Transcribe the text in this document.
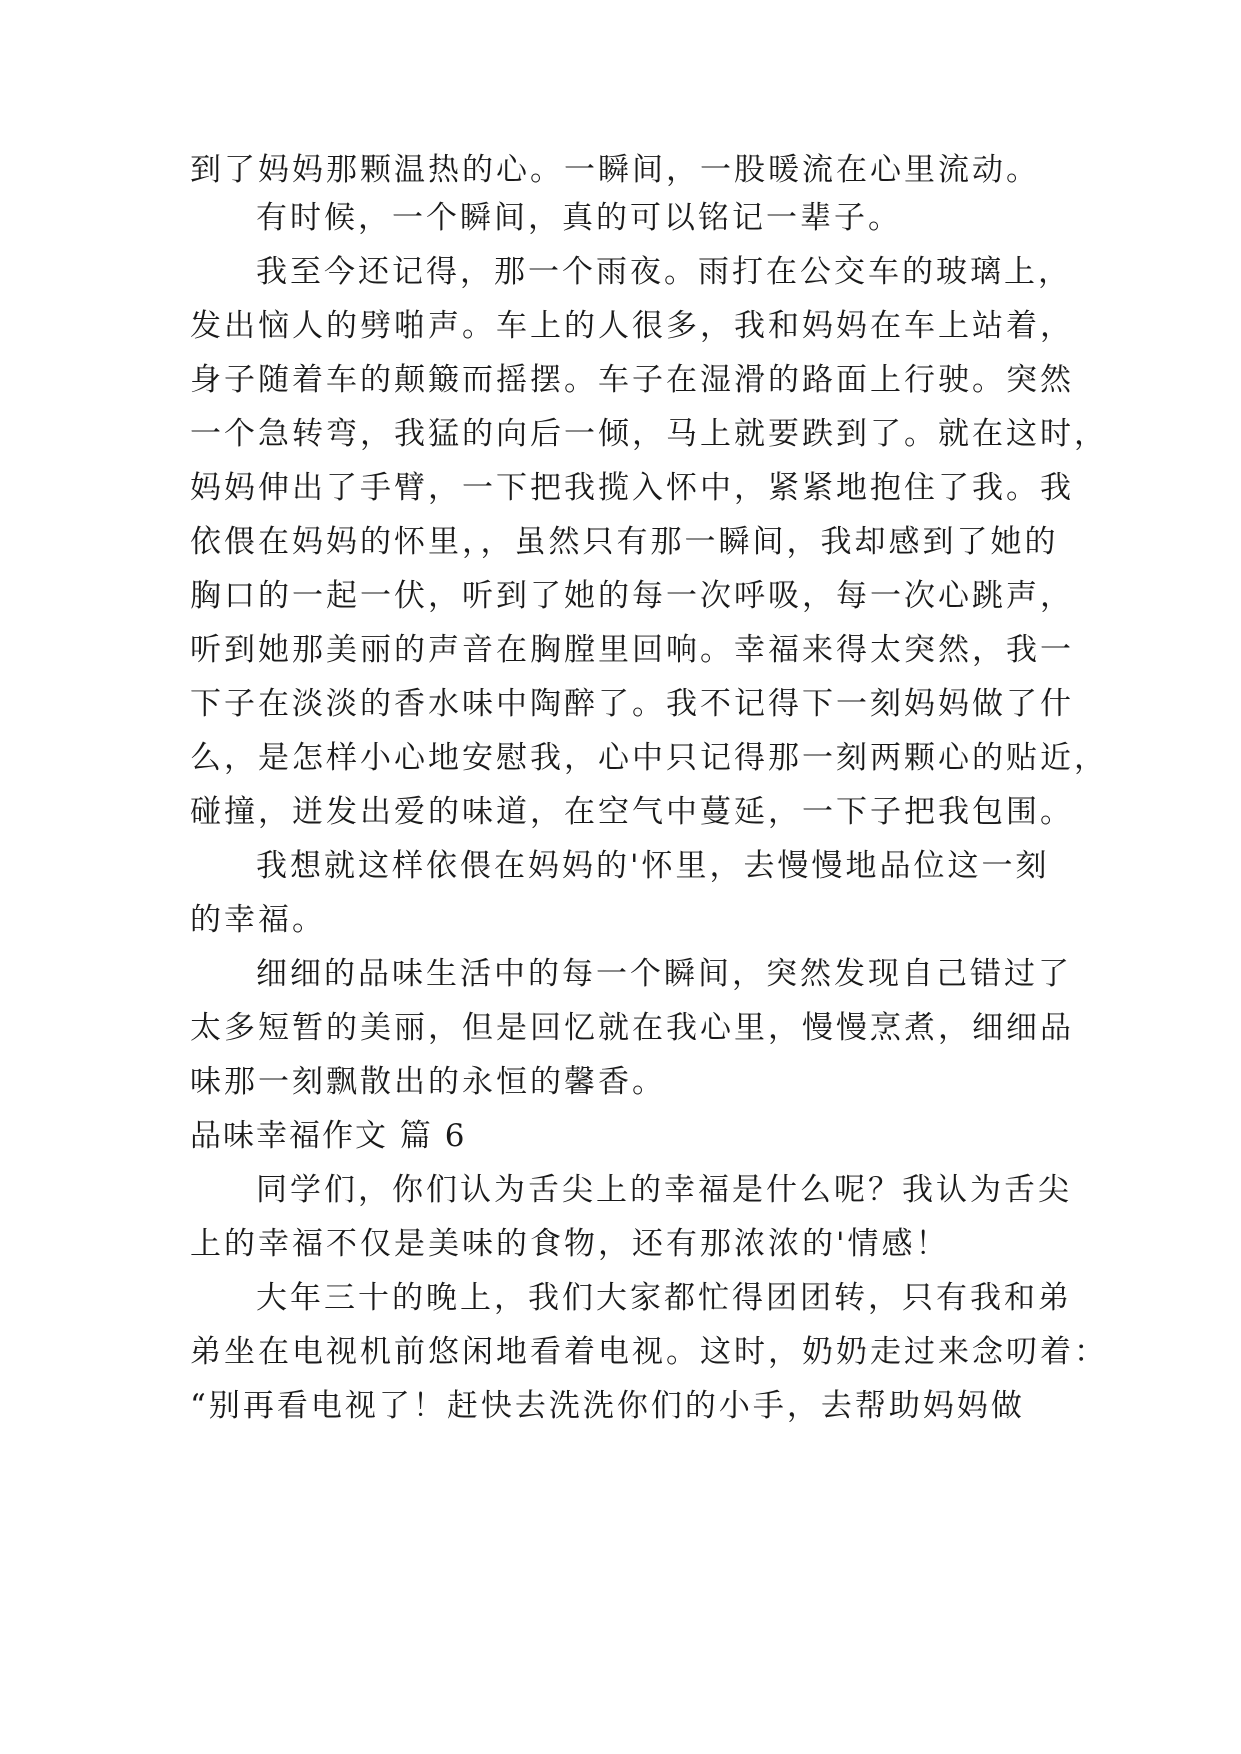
到了妈妈那颗温热的心。一瞬间，一股暖流在心里流动。
有时候，一个瞬间，真的可以铭记一辈子。
我至今还记得，那一个雨夜。雨打在公交车的玻璃上，
发出恼人的劈啪声。车上的人很多，我和妈妈在车上站着，
身子随着车的颠簸而摇摆。车子在湿滑的路面上行驶。突然
一个急转弯，我猛的向后一倾，马上就要跌到了。就在这时，
妈妈伸出了手臂，一下把我揽入怀中，紧紧地抱住了我。我
依偎在妈妈的怀里，，虽然只有那一瞬间，我却感到了她的
胸口的一起一伏，听到了她的每一次呼吸，每一次心跳声，
听到她那美丽的声音在胸膛里回响。幸福来得太突然，我一
下子在淡淡的香水味中陶醉了。我不记得下一刻妈妈做了什
么，是怎样小心地安慰我，心中只记得那一刻两颗心的贴近，
碰撞，迸发出爱的味道，在空气中蔓延，一下子把我包围。
我想就这样依偎在妈妈的'怀里，去慢慢地品位这一刻
的幸福。
细细的品味生活中的每一个瞬间，突然发现自己错过了
太多短暂的美丽，但是回忆就在我心里，慢慢烹煮，细细品
味那一刻飘散出的永恒的馨香。
品味幸福作文 篇 6
同学们，你们认为舌尖上的幸福是什么呢？我认为舌尖
上的幸福不仅是美味的食物，还有那浓浓的'情感！
大年三十的晚上，我们大家都忙得团团转，只有我和弟
弟坐在电视机前悠闲地看着电视。这时，奶奶走过来念叨着：
“别再看电视了！赶快去洗洗你们的小手，去帮助妈妈做
